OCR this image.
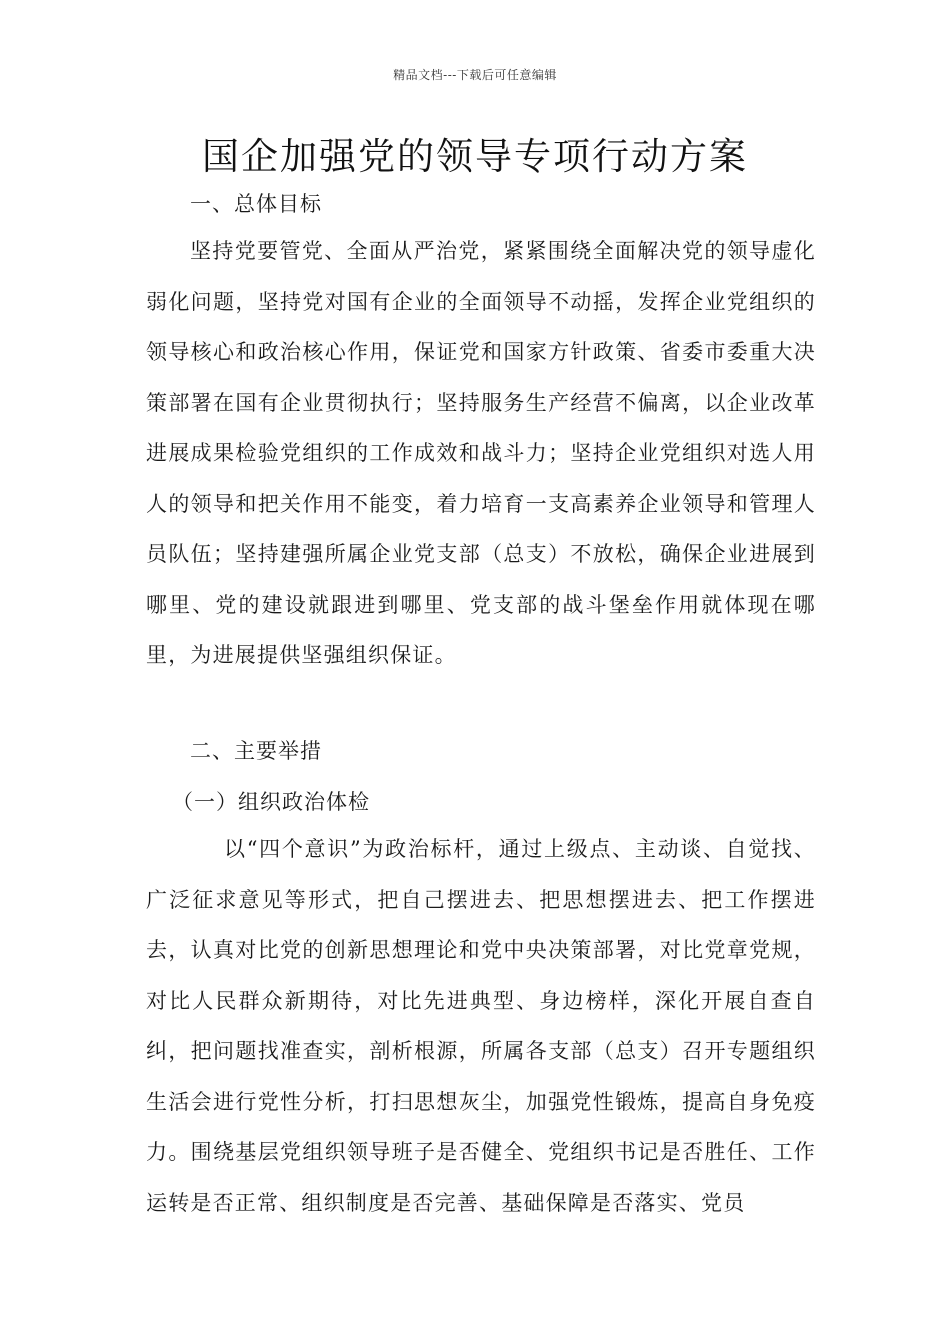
精品文档---下载后可任意编辑
国企加强党的领导专项行动方案
一、总体目标

坚持党要管党、全面从严治党，紧紧围绕全面解决党的领导虚化弱化问题，坚持党对国有企业的全面领导不动摇，发挥企业党组织的领导核心和政治核心作用，保证党和国家方针政策、省委市委重大决策部署在国有企业贯彻执行；坚持服务生产经营不偏离，以企业改革进展成果检验党组织的工作成效和战斗力；坚持企业党组织对选人用人的领导和把关作用不能变，着力培育一支高素养企业领导和管理人员队伍；坚持建强所属企业党支部（总支）不放松，确保企业进展到哪里、党的建设就跟进到哪里、党支部的战斗堡垒作用就体现在哪里，为进展提供坚强组织保证。

二、主要举措
（一）组织政治体检

以“四个意识”为政治标杆，通过上级点、主动谈、自觉找、广泛征求意见等形式，把自己摆进去、把思想摆进去、把工作摆进去，认真对比党的创新思想理论和党中央决策部署，对比党章党规，对比人民群众新期待，对比先进典型、身边榜样，深化开展自查自纠，把问题找准查实，剖析根源，所属各支部（总支）召开专题组织生活会进行党性分析，打扫思想灰尘，加强党性锻炼，提高自身免疫力。围绕基层党组织领导班子是否健全、党组织书记是否胜任、工作运转是否正常、组织制度是否完善、基础保障是否落实、党员
